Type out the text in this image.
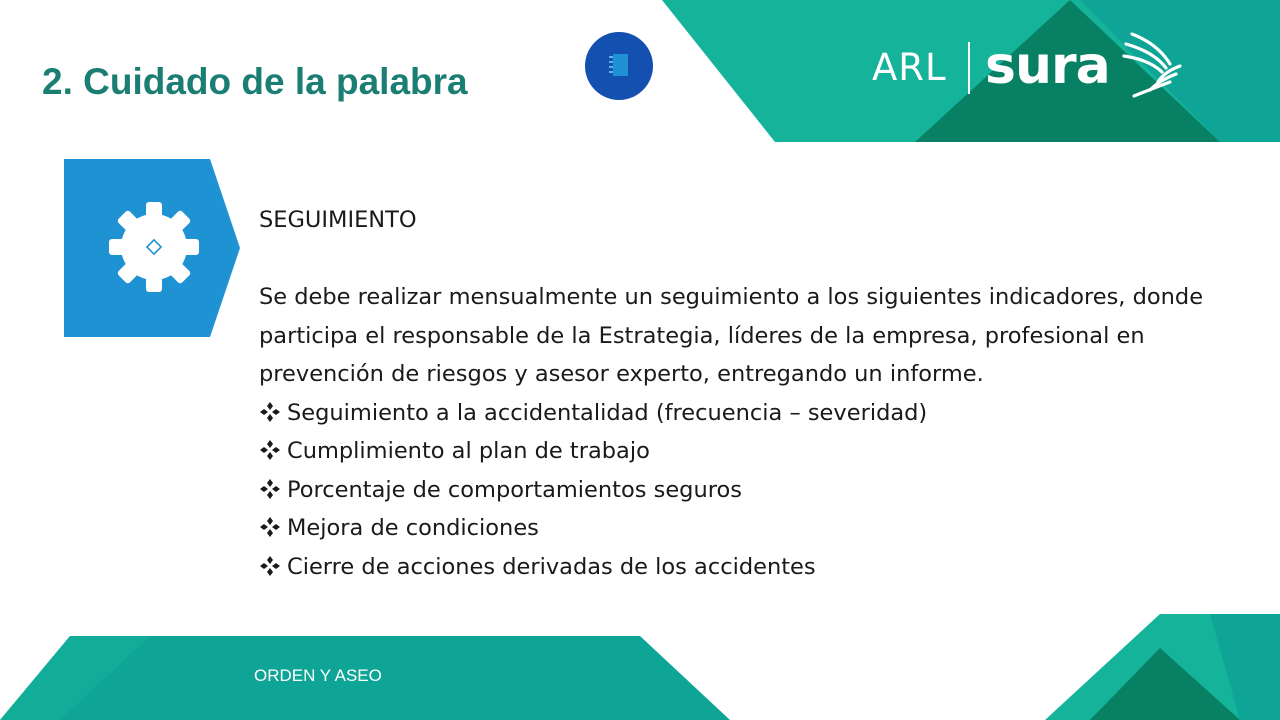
2. Cuidado de la palabra	ARL sura

SEGUIMIENTO

Se debe realizar mensualmente un seguimiento a los siguientes indicadores, donde participa el responsable de la Estrategia, líderes de la empresa, profesional en prevención de riesgos y asesor experto, entregando un informe.

Seguimiento a la accidentalidad (frecuencia – severidad)
Cumplimiento al plan de trabajo
Porcentaje de comportamientos seguros
Mejora de condiciones
Cierre de acciones derivadas de los accidentes
ORDEN Y ASEO
